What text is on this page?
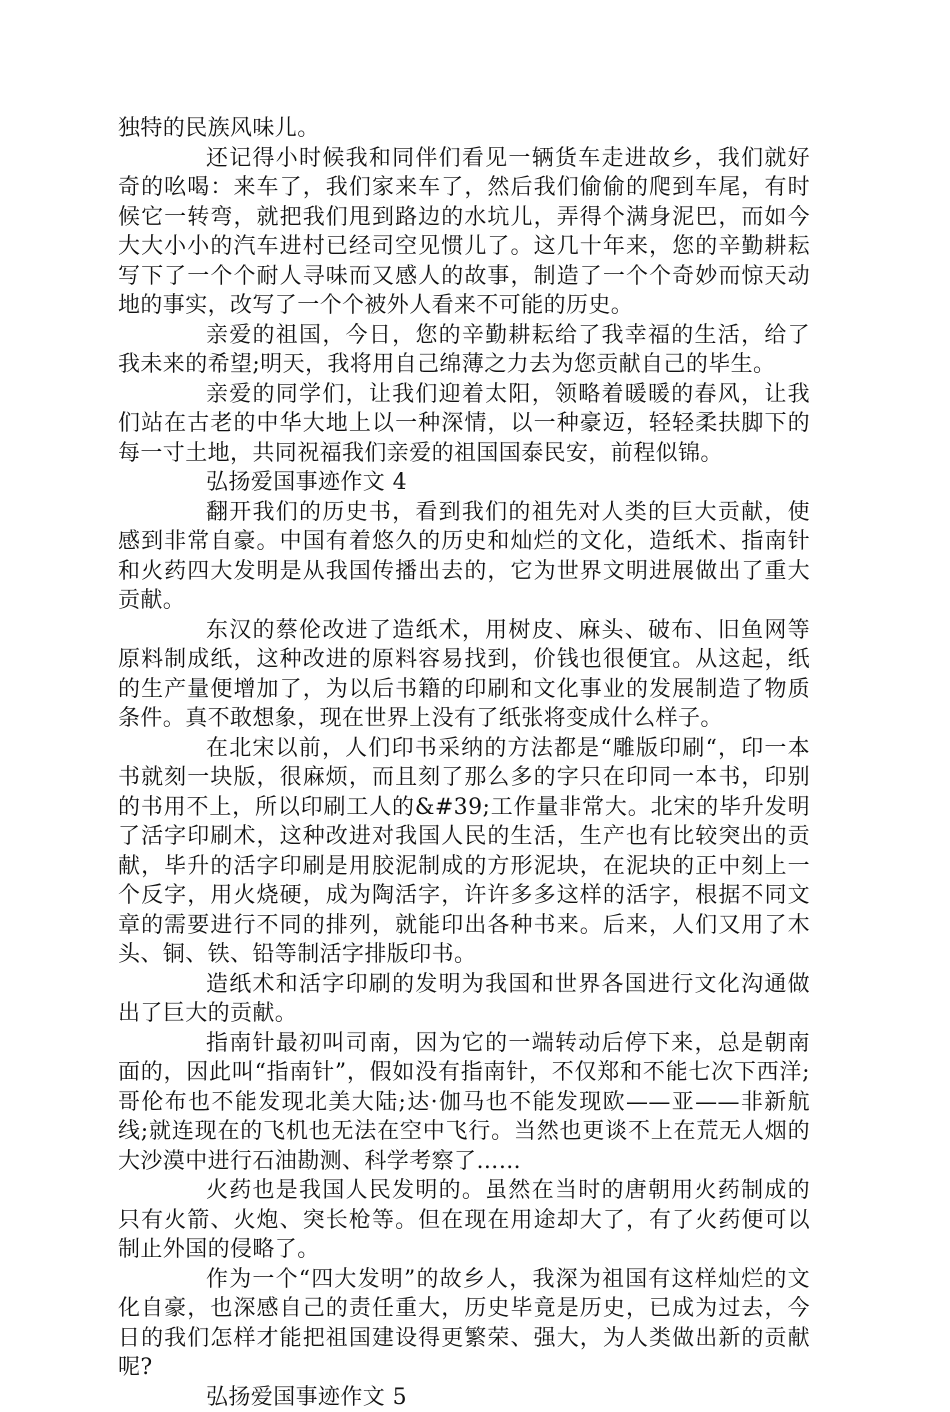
独特的民族风味儿。

还记得小时候我和同伴们看见一辆货车走进故乡，我们就好奇的吆喝：来车了，我们家来车了，然后我们偷偷的爬到车尾，有时候它一转弯，就把我们甩到路边的水坑儿，弄得个满身泥巴，而如今大大小小的汽车进村已经司空见惯儿了。这几十年来，您的辛勤耕耘写下了一个个耐人寻味而又感人的故事，制造了一个个奇妙而惊天动地的事实，改写了一个个被外人看来不可能的历史。

亲爱的祖国，今日，您的辛勤耕耘给了我幸福的生活，给了我未来的希望;明天，我将用自己绵薄之力去为您贡献自己的毕生。

亲爱的同学们，让我们迎着太阳，领略着暖暖的春风，让我们站在古老的中华大地上以一种深情，以一种豪迈，轻轻柔扶脚下的每一寸土地，共同祝福我们亲爱的祖国国泰民安，前程似锦。

弘扬爱国事迹作文 4

翻开我们的历史书，看到我们的祖先对人类的巨大贡献，使感到非常自豪。中国有着悠久的历史和灿烂的文化，造纸术、指南针和火药四大发明是从我国传播出去的，它为世界文明进展做出了重大贡献。

东汉的蔡伦改进了造纸术，用树皮、麻头、破布、旧鱼网等原料制成纸，这种改进的原料容易找到，价钱也很便宜。从这起，纸的生产量便增加了，为以后书籍的印刷和文化事业的发展制造了物质条件。真不敢想象，现在世界上没有了纸张将变成什么样子。

在北宋以前，人们印书采纳的方法都是“雕版印刷“，印一本书就刻一块版，很麻烦，而且刻了那么多的字只在印同一本书，印别的书用不上，所以印刷工人的&#39;工作量非常大。北宋的毕升发明了活字印刷术，这种改进对我国人民的生活，生产也有比较突出的贡献，毕升的活字印刷是用胶泥制成的方形泥块，在泥块的正中刻上一个反字，用火烧硬，成为陶活字，许许多多这样的活字，根据不同文章的需要进行不同的排列，就能印出各种书来。后来，人们又用了木头、铜、铁、铅等制活字排版印书。

造纸术和活字印刷的发明为我国和世界各国进行文化沟通做出了巨大的贡献。

指南针最初叫司南，因为它的一端转动后停下来，总是朝南面的，因此叫“指南针”，假如没有指南针，不仅郑和不能七次下西洋;哥伦布也不能发现北美大陆;达·伽马也不能发现欧——亚——非新航线;就连现在的飞机也无法在空中飞行。当然也更谈不上在荒无人烟的大沙漠中进行石油勘测、科学考察了……

火药也是我国人民发明的。虽然在当时的唐朝用火药制成的只有火箭、火炮、突长枪等。但在现在用途却大了，有了火药便可以制止外国的侵略了。

作为一个“四大发明”的故乡人，我深为祖国有这样灿烂的文化自豪，也深感自己的责任重大，历史毕竟是历史，已成为过去，今日的我们怎样才能把祖国建设得更繁荣、强大，为人类做出新的贡献呢?

弘扬爱国事迹作文 5
